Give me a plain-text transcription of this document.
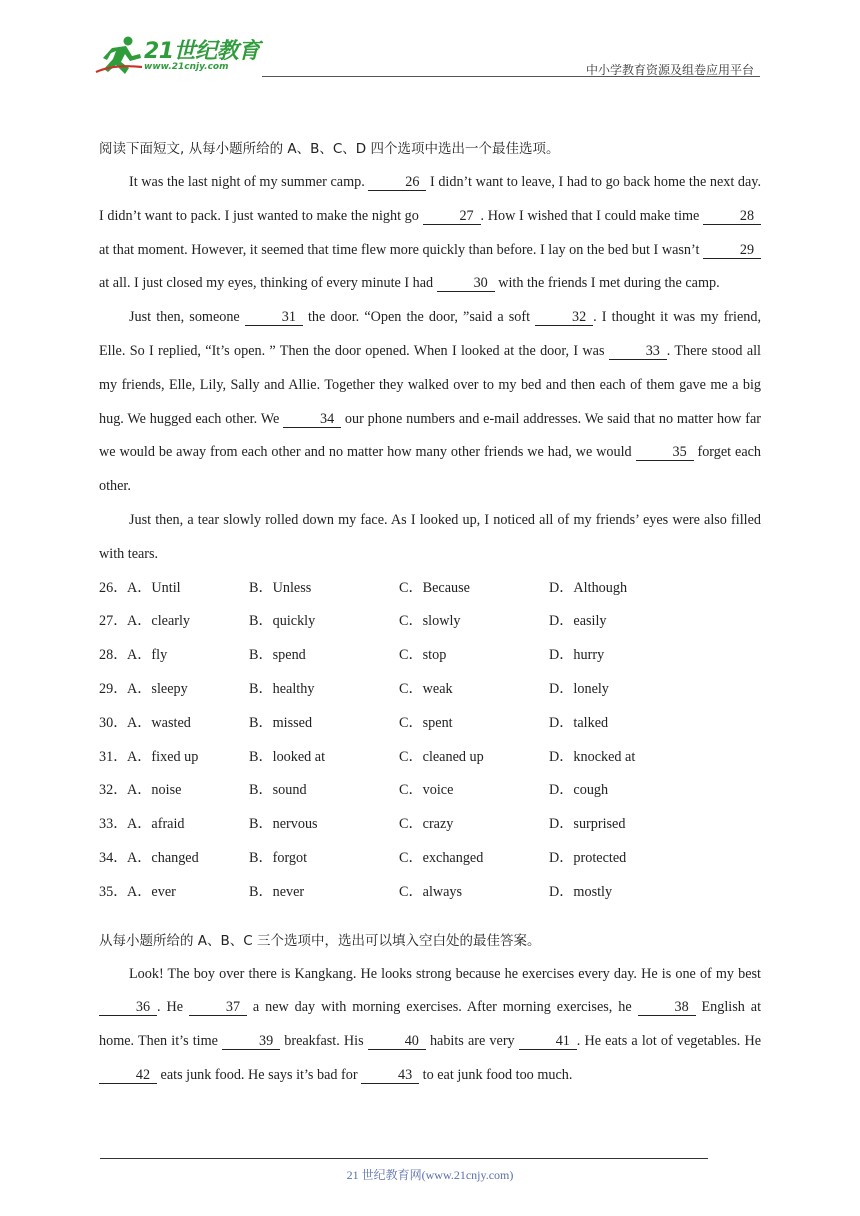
21世纪教育
www.21cnjy.com	中小学教育资源及组卷应用平台

阅读下面短文, 从每小题所给的 A、B、C、D 四个选项中选出一个最佳选项。

It was the last night of my summer camp.	26 I didn’t want to leave, I had to go back home the next day. I didn’t want to pack. I just wanted to make the night go	27 . How I wished that I could make time	28 at that moment. However, it seemed that time flew more quickly than before. I lay on the bed but I wasn’t	29 at all. I just closed my eyes, thinking of every minute I had	30 with the friends I met during the camp.

Just then, someone	31 the door. “Open the door, ”said a soft	32 . I thought it was my friend, Elle. So I replied, “It’s open. ” Then the door opened. When I looked at the door, I was	33 . There stood all my friends, Elle, Lily, Sally and Allie. Together they walked over to my bed and then each of them gave me a big hug. We hugged each other. We	34 our phone numbers and e-mail addresses. We said that no matter how far we would be away from each other and no matter how many other friends we had, we would	35 forget each other.

Just then, a tear slowly rolled down my face. As I looked up, I noticed all of my friends’ eyes were also filled with tears.

26． A．Until	B．Unless	C．Because	D．Although
27． A．clearly	B．quickly	C．slowly	D．easily
28． A．fly	B．spend	C．stop	D．hurry
29． A．sleepy	B．healthy	C．weak	D．lonely
30． A．wasted	B．missed	C．spent	D．talked
31． A．fixed up	B．looked at	C．cleaned up	D．knocked at
32． A．noise	B．sound	C．voice	D．cough
33． A．afraid	B．nervous	C．crazy	D．surprised
34． A．changed	B．forgot	C．exchanged	D．protected
35． A．ever	B．never	C．always	D．mostly

从每小题所给的 A、B、C 三个选项中，选出可以填入空白处的最佳答案。

Look! The boy over there is Kangkang. He looks strong because he exercises every day. He is one of my best 36 . He	37 a new day with morning exercises. After morning exercises, he	38 English at home. Then it’s time	39 breakfast. His	40 habits are very	41 . He eats a lot of vegetables. He 42 eats junk food. He says it’s bad for	43 to eat junk food too much.

21 世纪教育网(www.21cnjy.com)
